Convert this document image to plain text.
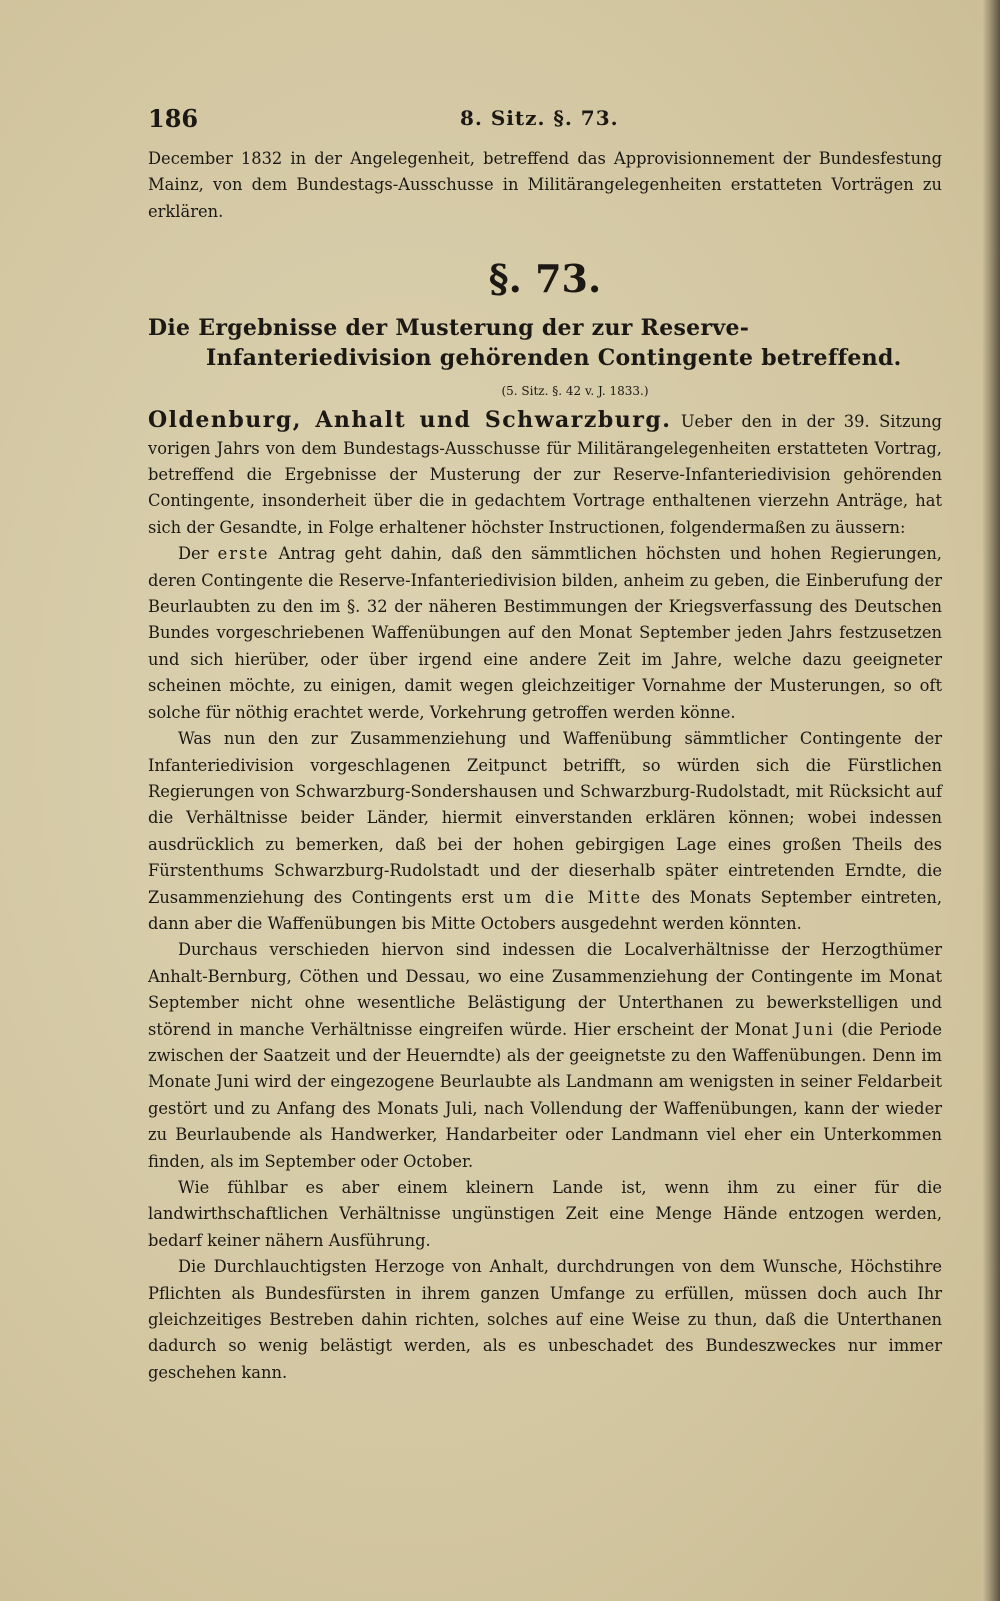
186	8. Sitz. §. 73.

December 1832 in der Angelegenheit, betreffend das Approvisionnement der Bundesfestung Mainz, von dem Bundestags-Ausschusse in Militärangelegenheiten erstatteten Vorträgen zu erklären.

§. 73.
Die Ergebnisse der Musterung der zur Reserve-Infanteriedivision gehörenden Contingente betreffend.
(5. Sitz. §. 42 v. J. 1833.)

Oldenburg, Anhalt und Schwarzburg. Ueber den in der 39. Sitzung vorigen Jahrs von dem Bundestags-Ausschusse für Militärangelegenheiten erstatteten Vortrag, betreffend die Ergebnisse der Musterung der zur Reserve-Infanteriedivision gehörenden Contingente, insonderheit über die in gedachtem Vortrage enthaltenen vierzehn Anträge, hat sich der Gesandte, in Folge erhaltener höchster Instructionen, folgendermaßen zu äussern:

Der erste Antrag geht dahin, daß den sämmtlichen höchsten und hohen Regierungen, deren Contingente die Reserve-Infanteriedivision bilden, anheim zu geben, die Einberufung der Beurlaubten zu den im §. 32 der näheren Bestimmungen der Kriegsverfassung des Deutschen Bundes vorgeschriebenen Waffenübungen auf den Monat September jeden Jahrs festzusetzen und sich hierüber, oder über irgend eine andere Zeit im Jahre, welche dazu geeigneter scheinen möchte, zu einigen, damit wegen gleichzeitiger Vornahme der Musterungen, so oft solche für nöthig erachtet werde, Vorkehrung getroffen werden könne.

Was nun den zur Zusammenziehung und Waffenübung sämmtlicher Contingente der Infanteriedivision vorgeschlagenen Zeitpunct betrifft, so würden sich die Fürstlichen Regierungen von Schwarzburg-Sondershausen und Schwarzburg-Rudolstadt, mit Rücksicht auf die Verhältnisse beider Länder, hiermit einverstanden erklären können; wobei indessen ausdrücklich zu bemerken, daß bei der hohen gebirgigen Lage eines großen Theils des Fürstenthums Schwarzburg-Rudolstadt und der dieserhalb später eintretenden Erndte, die Zusammenziehung des Contingents erst um die Mitte des Monats September eintreten, dann aber die Waffenübungen bis Mitte Octobers ausgedehnt werden könnten.

Durchaus verschieden hiervon sind indessen die Localverhältnisse der Herzogthümer Anhalt-Bernburg, Cöthen und Dessau, wo eine Zusammenziehung der Contingente im Monat September nicht ohne wesentliche Belästigung der Unterthanen zu bewerkstelligen und störend in manche Verhältnisse eingreifen würde. Hier erscheint der Monat Juni (die Periode zwischen der Saatzeit und der Heuerndte) als der geeignetste zu den Waffenübungen. Denn im Monate Juni wird der eingezogene Beurlaubte als Landmann am wenigsten in seiner Feldarbeit gestört und zu Anfang des Monats Juli, nach Vollendung der Waffenübungen, kann der wieder zu Beurlaubende als Handwerker, Handarbeiter oder Landmann viel eher ein Unterkommen finden, als im September oder October.

Wie fühlbar es aber einem kleinern Lande ist, wenn ihm zu einer für die landwirthschaftlichen Verhältnisse ungünstigen Zeit eine Menge Hände entzogen werden, bedarf keiner nähern Ausführung.

Die Durchlauchtigsten Herzoge von Anhalt, durchdrungen von dem Wunsche, Höchstihre Pflichten als Bundesfürsten in ihrem ganzen Umfange zu erfüllen, müssen doch auch Ihr gleichzeitiges Bestreben dahin richten, solches auf eine Weise zu thun, daß die Unterthanen dadurch so wenig belästigt werden, als es unbeschadet des Bundeszweckes nur immer geschehen kann.
